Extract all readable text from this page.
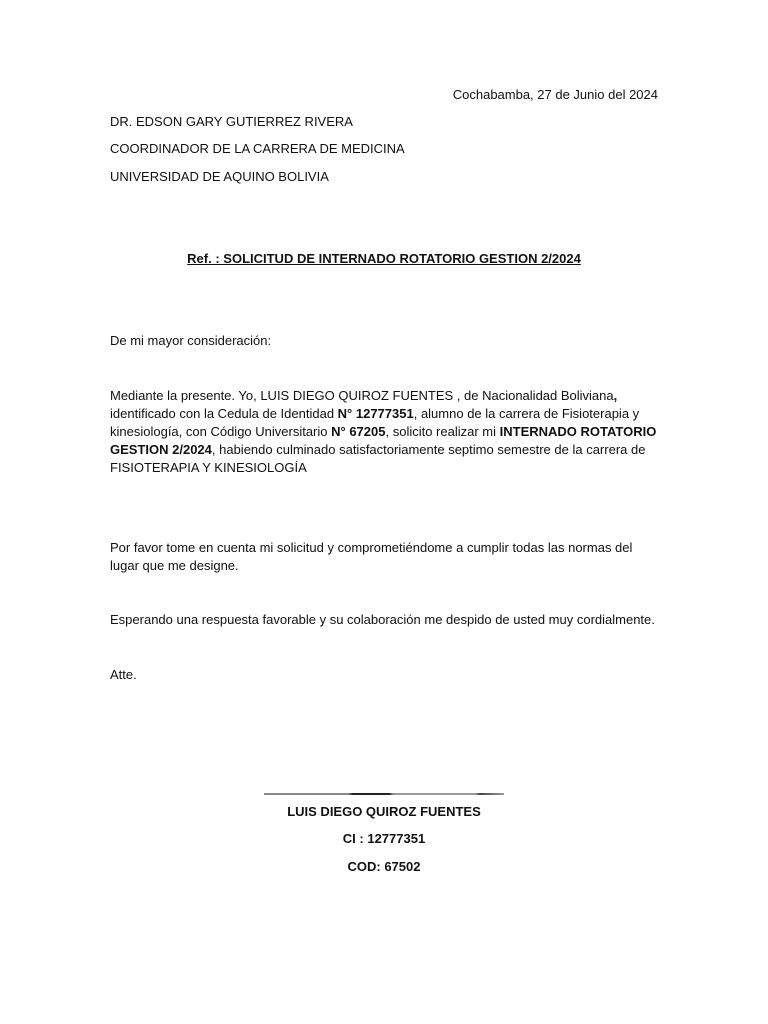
Cochabamba, 27 de Junio del 2024
DR. EDSON GARY GUTIERREZ RIVERA
COORDINADOR DE LA CARRERA DE MEDICINA
UNIVERSIDAD DE AQUINO BOLIVIA
Ref. : SOLICITUD DE INTERNADO ROTATORIO GESTION 2/2024
De mi mayor consideración:
Mediante la presente. Yo, LUIS DIEGO QUIROZ FUENTES , de Nacionalidad Boliviana, identificado con la Cedula de Identidad N° 12777351, alumno de la carrera de Fisioterapia y kinesiología, con Código Universitario N° 67205, solicito realizar mi INTERNADO ROTATORIO GESTION 2/2024, habiendo culminado satisfactoriamente septimo semestre de la carrera de FISIOTERAPIA Y KINESIOLOGÍA
Por favor tome en cuenta mi solicitud y comprometiéndome a cumplir todas las normas del lugar que me designe.
Esperando una respuesta favorable y su colaboración me despido de usted muy cordialmente.
Atte.
LUIS DIEGO QUIROZ FUENTES
CI : 12777351
COD: 67502
